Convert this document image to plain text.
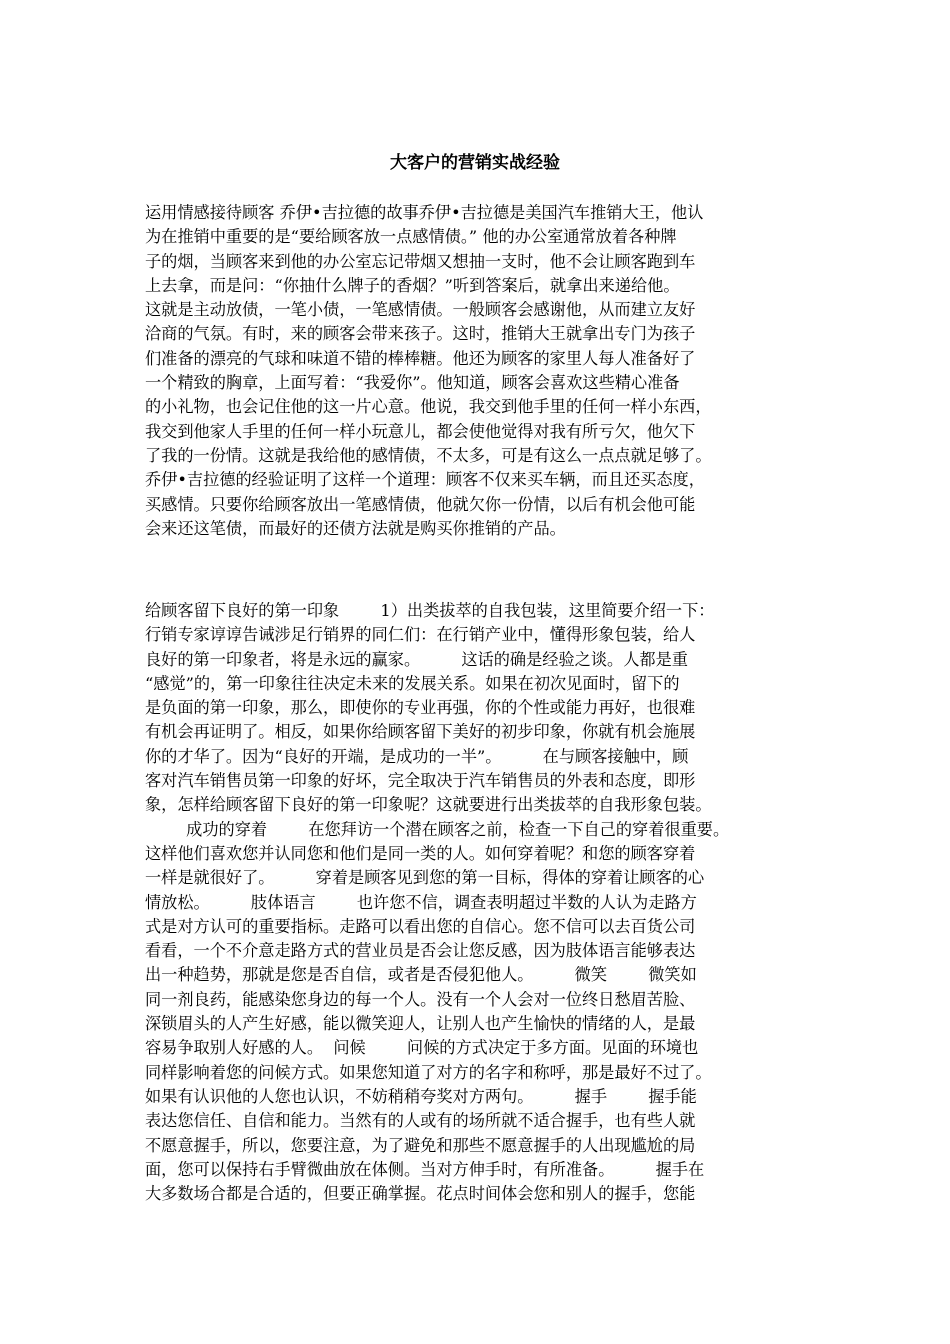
大客户的营销实战经验
运用情感接待顾客 乔伊•吉拉德的故事乔伊•吉拉德是美国汽车推销大王，他认
为在推销中重要的是“要给顾客放一点感情债。” 他的办公室通常放着各种牌
子的烟，当顾客来到他的办公室忘记带烟又想抽一支时，他不会让顾客跑到车
上去拿，而是问：“你抽什么牌子的香烟？”听到答案后，就拿出来递给他。
这就是主动放债，一笔小债，一笔感情债。一般顾客会感谢他，从而建立友好
洽商的气氛。有时，来的顾客会带来孩子。这时，推销大王就拿出专门为孩子
们准备的漂亮的气球和味道不错的棒棒糖。他还为顾客的家里人每人准备好了
一个精致的胸章，上面写着：“我爱你”。他知道，顾客会喜欢这些精心准备
的小礼物，也会记住他的这一片心意。他说，我交到他手里的任何一样小东西，
我交到他家人手里的任何一样小玩意儿，都会使他觉得对我有所亏欠，他欠下
了我的一份情。这就是我给他的感情债，不太多，可是有这么一点点就足够了。
乔伊•吉拉德的经验证明了这样一个道理：顾客不仅来买车辆，而且还买态度，
买感情。只要你给顾客放出一笔感情债，他就欠你一份情，以后有机会他可能
会来还这笔债，而最好的还债方法就是购买你推销的产品。
给顾客留下良好的第一印象        1）出类拔萃的自我包装，这里简要介绍一下：
行销专家谆谆告诫涉足行销界的同仁们：在行销产业中，懂得形象包装，给人
良好的第一印象者，将是永远的赢家。        这话的确是经验之谈。人都是重
“感觉”的，第一印象往往决定未来的发展关系。如果在初次见面时，留下的
是负面的第一印象，那么，即使你的专业再强，你的个性或能力再好，也很难
有机会再证明了。相反，如果你给顾客留下美好的初步印象，你就有机会施展
你的才华了。因为“良好的开端，是成功的一半”。        在与顾客接触中，顾
客对汽车销售员第一印象的好坏，完全取决于汽车销售员的外表和态度，即形
象，怎样给顾客留下良好的第一印象呢？这就要进行出类拔萃的自我形象包装。
成功的穿着        在您拜访一个潜在顾客之前，检查一下自己的穿着很重要。
这样他们喜欢您并认同您和他们是同一类的人。如何穿着呢？和您的顾客穿着
一样是就很好了。        穿着是顾客见到您的第一目标，得体的穿着让顾客的心
情放松。        肢体语言        也许您不信，调查表明超过半数的人认为走路方
式是对方认可的重要指标。走路可以看出您的自信心。您不信可以去百货公司
看看，一个不介意走路方式的营业员是否会让您反感，因为肢体语言能够表达
出一种趋势，那就是您是否自信，或者是否侵犯他人。        微笑        微笑如
同一剂良药，能感染您身边的每一个人。没有一个人会对一位终日愁眉苦脸、
深锁眉头的人产生好感，能以微笑迎人，让别人也产生愉快的情绪的人，是最
容易争取别人好感的人。  问候        问候的方式决定于多方面。见面的环境也
同样影响着您的问候方式。如果您知道了对方的名字和称呼，那是最好不过了。
如果有认识他的人您也认识，不妨稍稍夸奖对方两句。        握手        握手能
表达您信任、自信和能力。当然有的人或有的场所就不适合握手，也有些人就
不愿意握手，所以，您要注意，为了避免和那些不愿意握手的人出现尴尬的局
面，您可以保持右手臂微曲放在体侧。当对方伸手时，有所准备。        握手在
大多数场合都是合适的，但要正确掌握。花点时间体会您和别人的握手，您能
